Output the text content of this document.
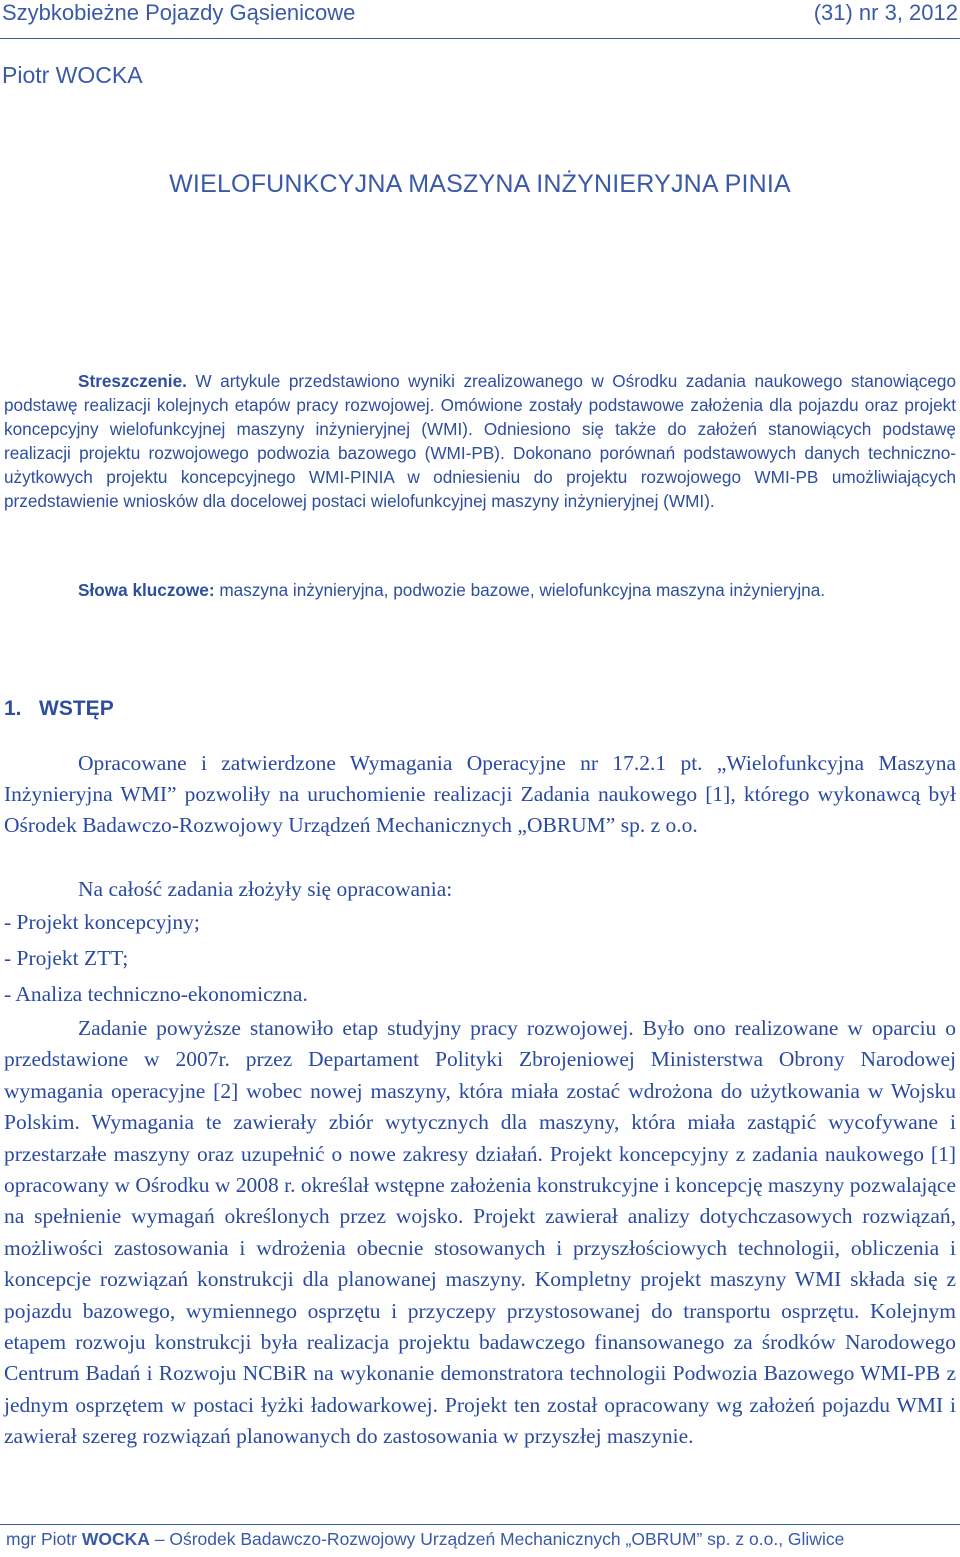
Szybkobieżne Pojazdy Gąsienicowe	(31) nr 3, 2012
Piotr WOCKA
WIELOFUNKCYJNA MASZYNA INŻYNIERYJNA PINIA

Streszczenie. W artykule przedstawiono wyniki zrealizowanego w Ośrodku zadania naukowego stanowiącego podstawę realizacji kolejnych etapów pracy rozwojowej. Omówione zostały podstawowe założenia dla pojazdu oraz projekt koncepcyjny wielofunkcyjnej maszyny inżynieryjnej (WMI). Odniesiono się także do założeń stanowiących podstawę realizacji projektu rozwojowego podwozia bazowego (WMI-PB). Dokonano porównań podstawowych danych techniczno-użytkowych projektu koncepcyjnego WMI-PINIA w odniesieniu do projektu rozwojowego WMI-PB umożliwiających przedstawienie wniosków dla docelowej postaci wielofunkcyjnej maszyny inżynieryjnej (WMI).

Słowa kluczowe: maszyna inżynieryjna, podwozie bazowe, wielofunkcyjna maszyna inżynieryjna.

1. WSTĘP

Opracowane i zatwierdzone Wymagania Operacyjne nr 17.2.1 pt. „Wielofunkcyjna Maszyna Inżynieryjna WMI” pozwoliły na uruchomienie realizacji Zadania naukowego [1], którego wykonawcą był Ośrodek Badawczo-Rozwojowy Urządzeń Mechanicznych „OBRUM” sp. z o.o.

Na całość zadania złożyły się opracowania:

- Projekt koncepcyjny;
- Projekt ZTT;
- Analiza techniczno-ekonomiczna.

Zadanie powyższe stanowiło etap studyjny pracy rozwojowej. Było ono realizowane w oparciu o przedstawione w 2007r. przez Departament Polityki Zbrojeniowej Ministerstwa Obrony Narodowej wymagania operacyjne [2] wobec nowej maszyny, która miała zostać wdrożona do użytkowania w Wojsku Polskim. Wymagania te zawierały zbiór wytycznych dla maszyny, która miała zastąpić wycofywane i przestarzałe maszyny oraz uzupełnić o nowe zakresy działań. Projekt koncepcyjny z zadania naukowego [1] opracowany w Ośrodku w 2008 r. określał wstępne założenia konstrukcyjne i koncepcję maszyny pozwalające na spełnienie wymagań określonych przez wojsko. Projekt zawierał analizy dotychczasowych rozwiązań, możliwości zastosowania i wdrożenia obecnie stosowanych i przyszłościowych technologii, obliczenia i koncepcje rozwiązań konstrukcji dla planowanej maszyny. Kompletny projekt maszyny WMI składa się z pojazdu bazowego, wymiennego osprzętu i przyczepy przystosowanej do transportu osprzętu. Kolejnym etapem rozwoju konstrukcji była realizacja projektu badawczego finansowanego za środków Narodowego Centrum Badań i Rozwoju NCBiR na wykonanie demonstratora technologii Podwozia Bazowego WMI-PB z jednym osprzętem w postaci łyżki ładowarkowej. Projekt ten został opracowany wg założeń pojazdu WMI i zawierał szereg rozwiązań planowanych do zastosowania w przyszłej maszynie.

mgr Piotr WOCKA – Ośrodek Badawczo-Rozwojowy Urządzeń Mechanicznych „OBRUM” sp. z o.o., Gliwice
